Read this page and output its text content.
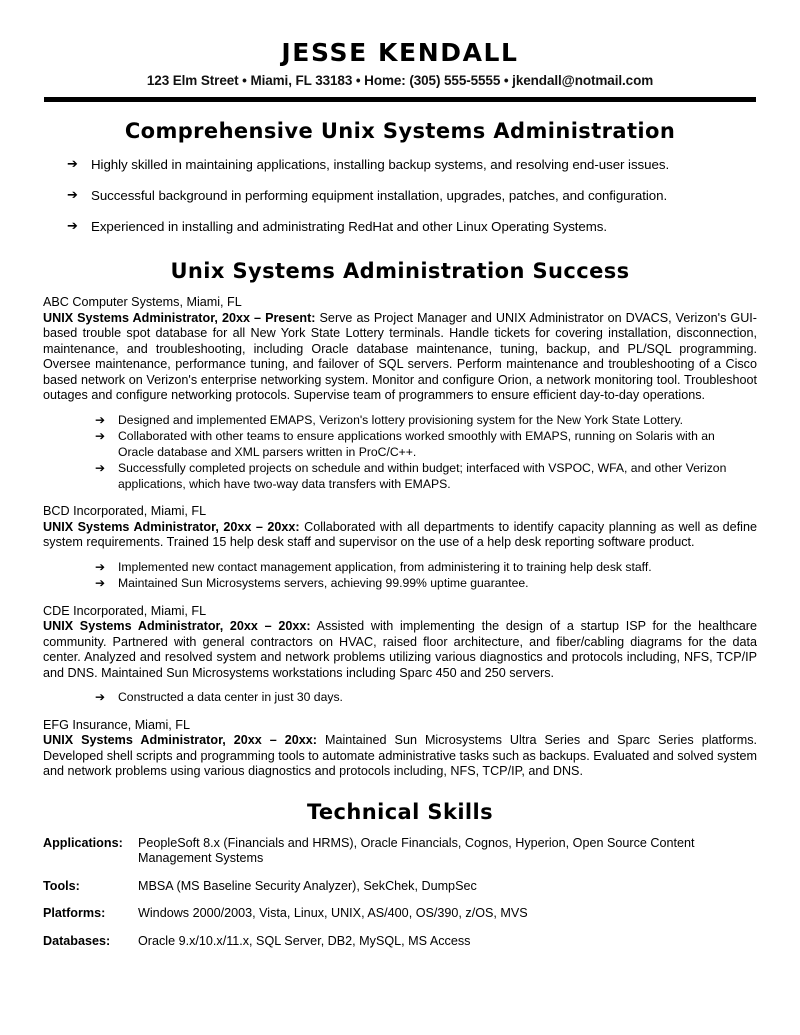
JESSE KENDALL
123 Elm Street • Miami, FL 33183 • Home: (305) 555-5555 • jkendall@notmail.com
Comprehensive Unix Systems Administration
➔ Highly skilled in maintaining applications, installing backup systems, and resolving end-user issues.
➔ Successful background in performing equipment installation, upgrades, patches, and configuration.
➔ Experienced in installing and administrating RedHat and other Linux Operating Systems.
Unix Systems Administration Success
ABC Computer Systems, Miami, FL
UNIX Systems Administrator, 20xx – Present: Serve as Project Manager and UNIX Administrator on DVACS, Verizon's GUI-based trouble spot database for all New York State Lottery terminals. Handle tickets for covering installation, disconnection, maintenance, and troubleshooting, including Oracle database maintenance, tuning, backup, and PL/SQL programming. Oversee maintenance, performance tuning, and failover of SQL servers. Perform maintenance and troubleshooting of a Cisco based network on Verizon's enterprise networking system. Monitor and configure Orion, a network monitoring tool. Troubleshoot outages and configure networking protocols. Supervise team of programmers to ensure efficient day-to-day operations.
➔	Designed and implemented EMAPS, Verizon's lottery provisioning system for the New York State Lottery.
➔	Collaborated with other teams to ensure applications worked smoothly with EMAPS, running on Solaris with an Oracle database and XML parsers written in ProC/C++.
➔	Successfully completed projects on schedule and within budget; interfaced with VSPOC, WFA, and other Verizon applications, which have two-way data transfers with EMAPS.
BCD Incorporated, Miami, FL
UNIX Systems Administrator, 20xx – 20xx: Collaborated with all departments to identify capacity planning as well as define system requirements. Trained 15 help desk staff and supervisor on the use of a help desk reporting software product.
➔	Implemented new contact management application, from administering it to training help desk staff.
➔	Maintained Sun Microsystems servers, achieving 99.99% uptime guarantee.
CDE Incorporated, Miami, FL
UNIX Systems Administrator, 20xx – 20xx: Assisted with implementing the design of a startup ISP for the healthcare community. Partnered with general contractors on HVAC, raised floor architecture, and fiber/cabling diagrams for the data center. Analyzed and resolved system and network problems utilizing various diagnostics and protocols including, NFS, TCP/IP and DNS. Maintained Sun Microsystems workstations including Sparc 450 and 250 servers.
➔	Constructed a data center in just 30 days.
EFG Insurance, Miami, FL
UNIX Systems Administrator, 20xx – 20xx: Maintained Sun Microsystems Ultra Series and Sparc Series platforms. Developed shell scripts and programming tools to automate administrative tasks such as backups. Evaluated and solved system and network problems using various diagnostics and protocols including, NFS, TCP/IP, and DNS.
Technical Skills
Applications:	PeopleSoft 8.x (Financials and HRMS), Oracle Financials, Cognos, Hyperion, Open Source Content Management Systems
Tools:	MBSA (MS Baseline Security Analyzer), SekChek, DumpSec
Platforms:	Windows 2000/2003, Vista, Linux, UNIX, AS/400, OS/390, z/OS, MVS
Databases:	Oracle 9.x/10.x/11.x, SQL Server, DB2, MySQL, MS Access
